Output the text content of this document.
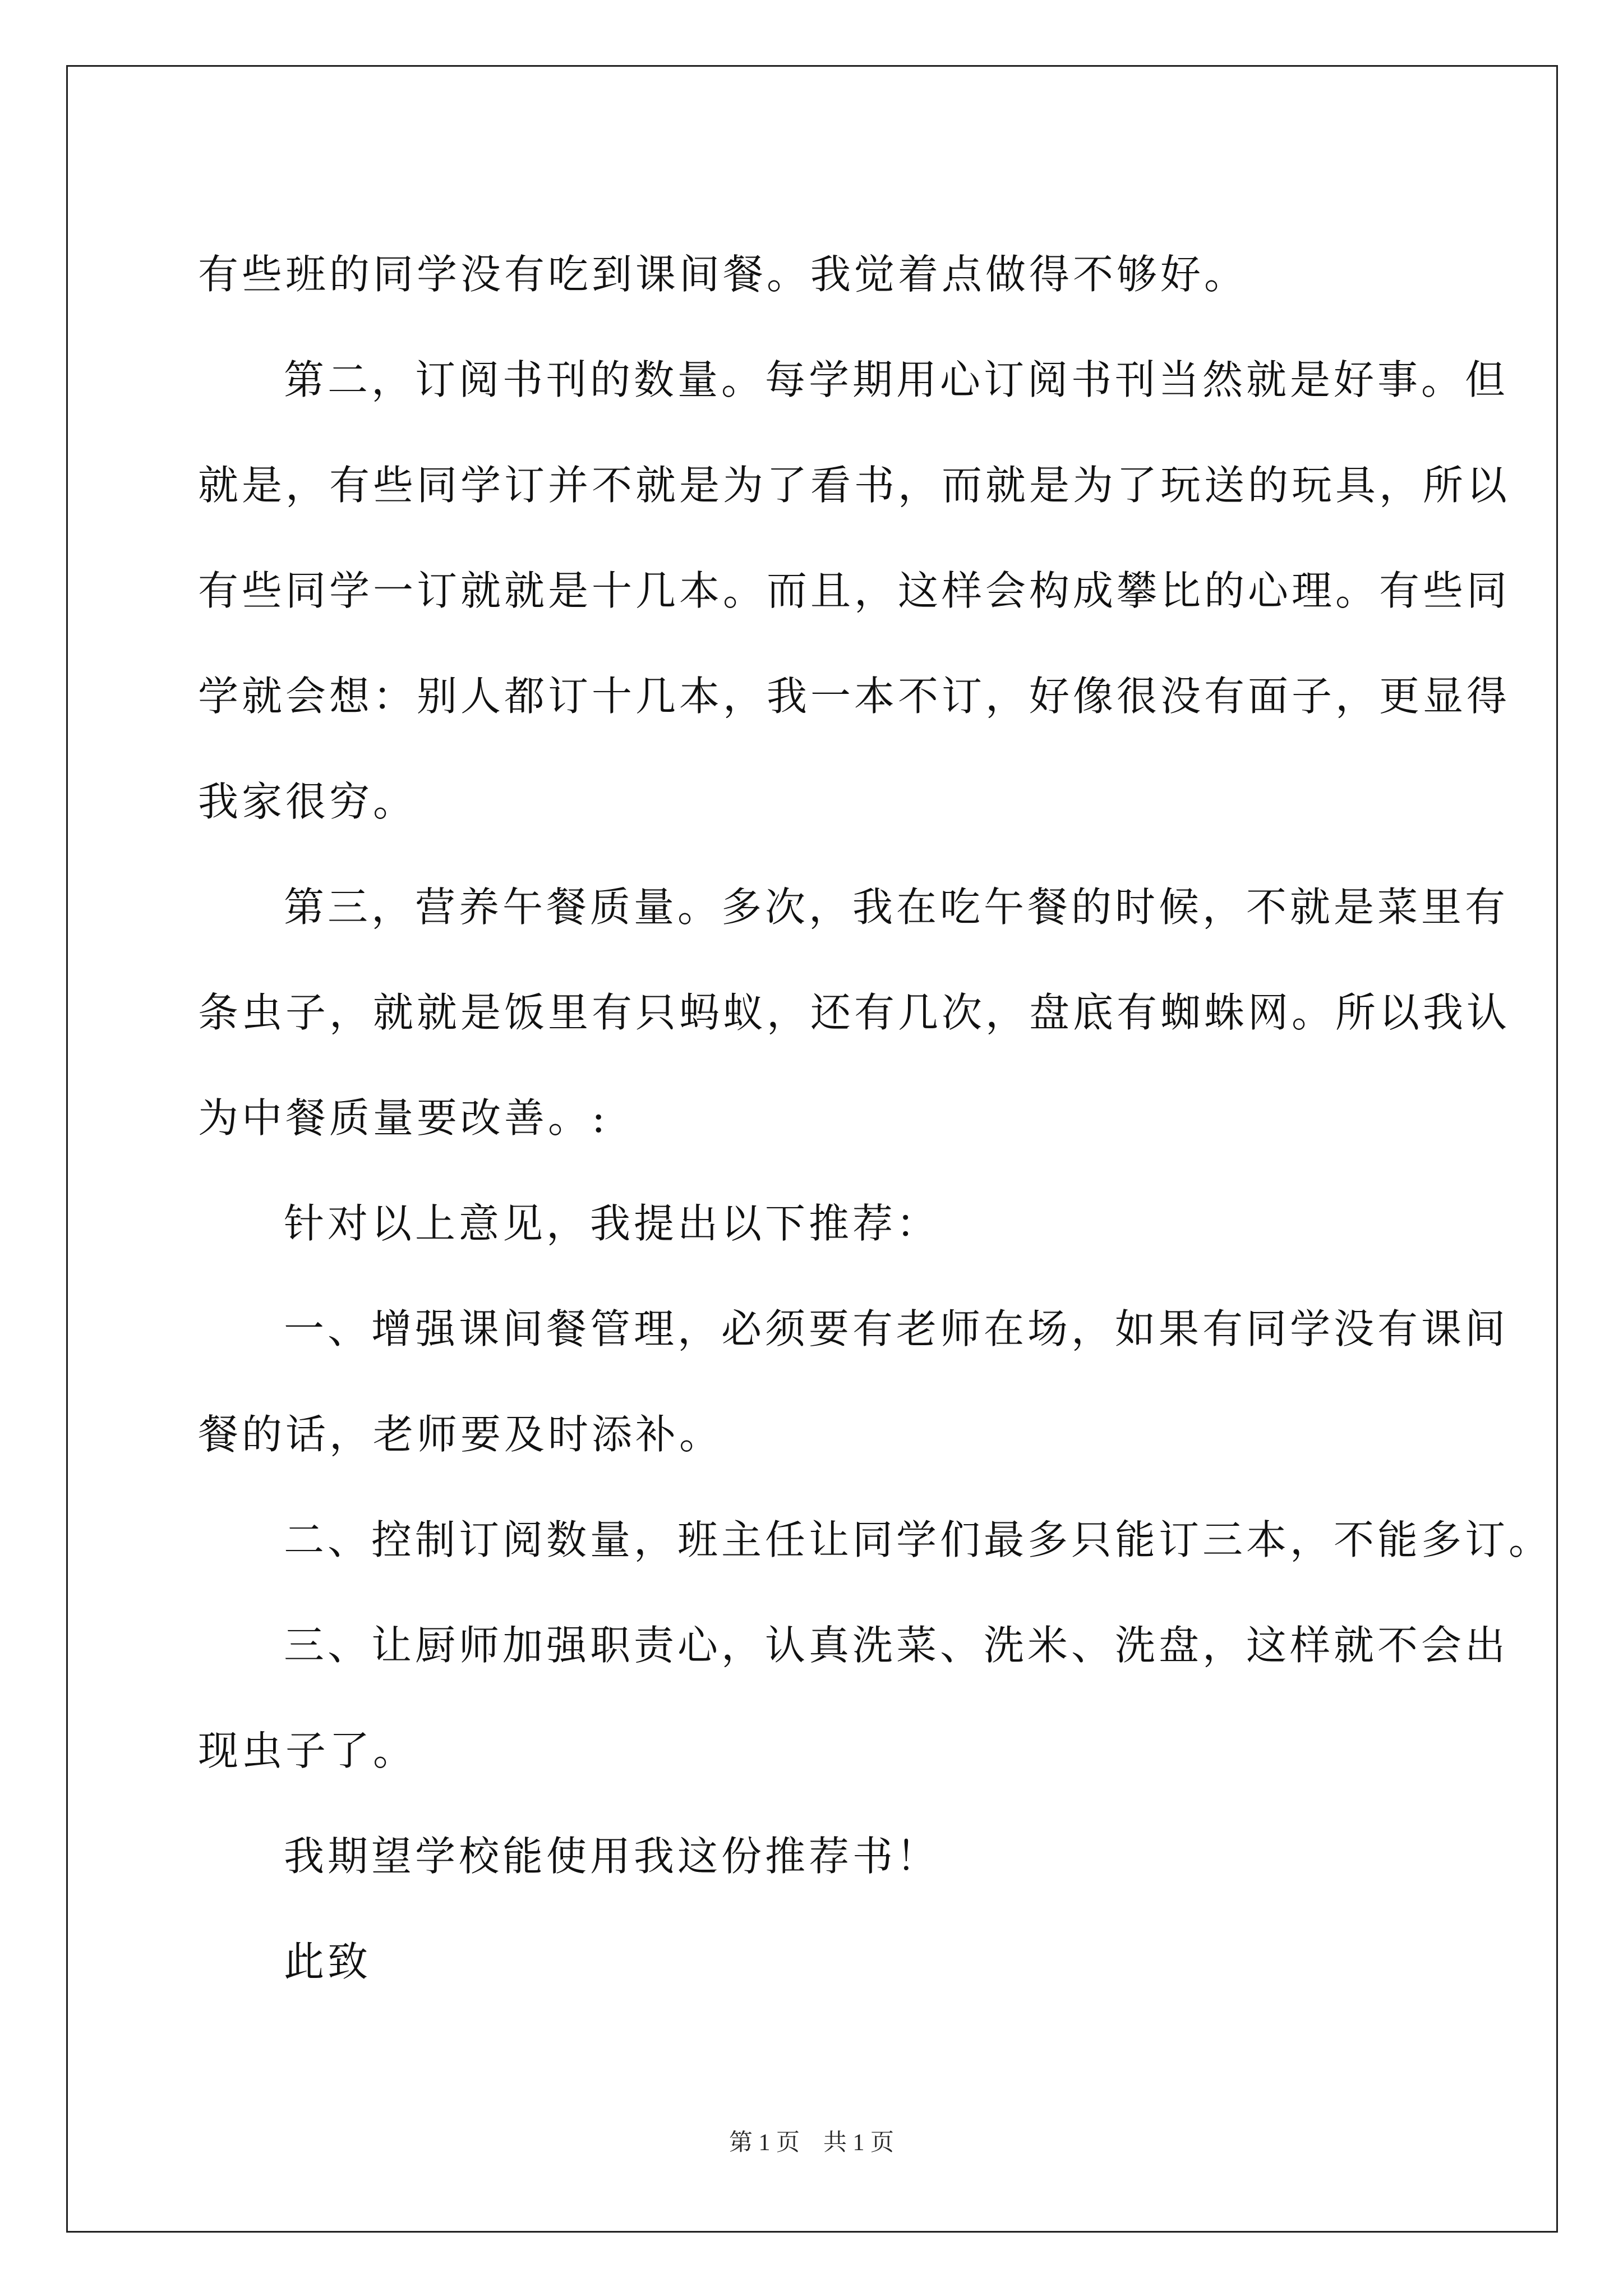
有些班的同学没有吃到课间餐。我觉着点做得不够好。

第二，订阅书刊的数量。每学期用心订阅书刊当然就是好事。但

就是，有些同学订并不就是为了看书，而就是为了玩送的玩具，所以

有些同学一订就就是十几本。而且，这样会构成攀比的心理。有些同

学就会想：别人都订十几本，我一本不订，好像很没有面子，更显得

我家很穷。

第三，营养午餐质量。多次，我在吃午餐的时候，不就是菜里有

条虫子，就就是饭里有只蚂蚁，还有几次，盘底有蜘蛛网。所以我认

为中餐质量要改善。:

针对以上意见，我提出以下推荐：

一、增强课间餐管理，必须要有老师在场，如果有同学没有课间

餐的话，老师要及时添补。

二、控制订阅数量，班主任让同学们最多只能订三本，不能多订。

三、让厨师加强职责心，认真洗菜、洗米、洗盘，这样就不会出

现虫子了。

我期望学校能使用我这份推荐书！

此致

第 1 页　共 1 页
